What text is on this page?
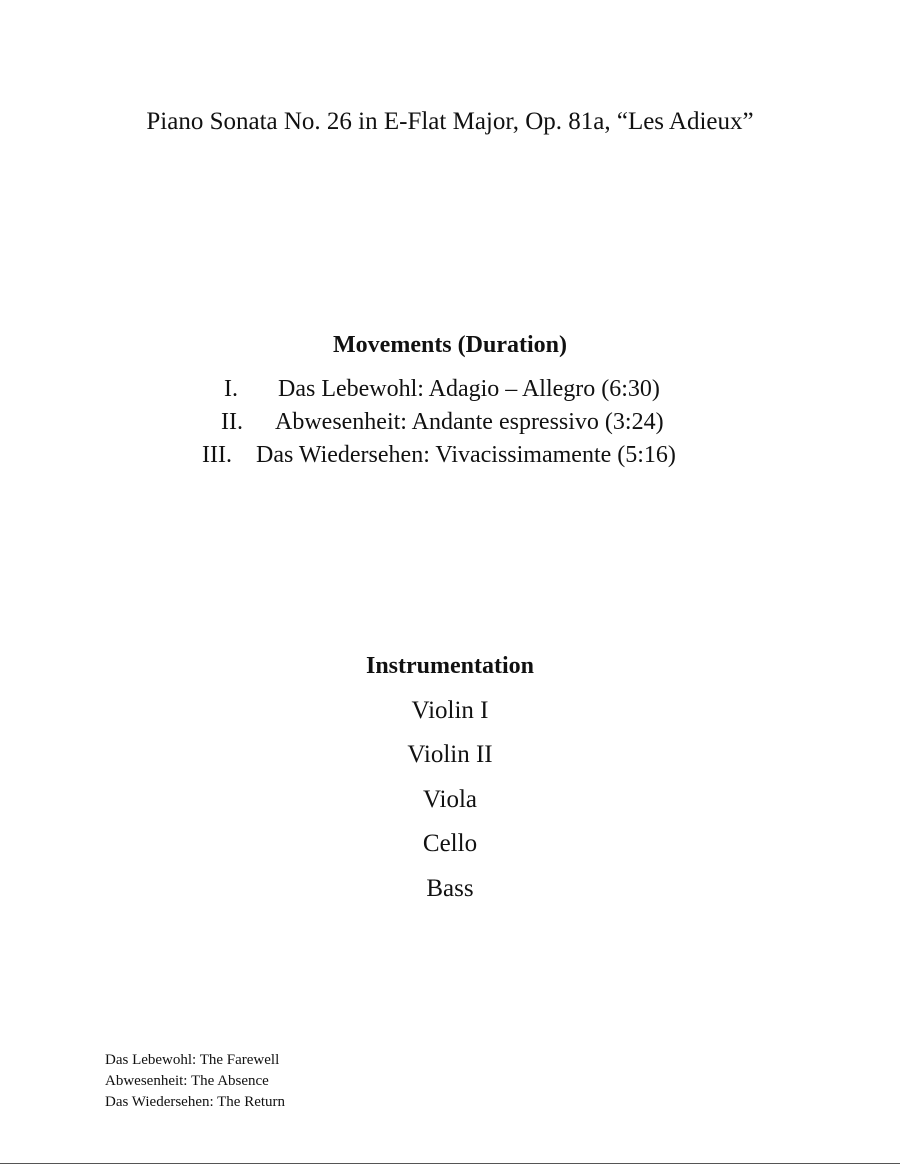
Piano Sonata No. 26 in E-Flat Major, Op. 81a, “Les Adieux”
Movements (Duration)
I. Das Lebewohl: Adagio – Allegro (6:30)
II. Abwesenheit: Andante espressivo (3:24)
III. Das Wiedersehen: Vivacissimamente (5:16)
Instrumentation
Violin I
Violin II
Viola
Cello
Bass
Das Lebewohl: The Farewell
Abwesenheit: The Absence
Das Wiedersehen: The Return
